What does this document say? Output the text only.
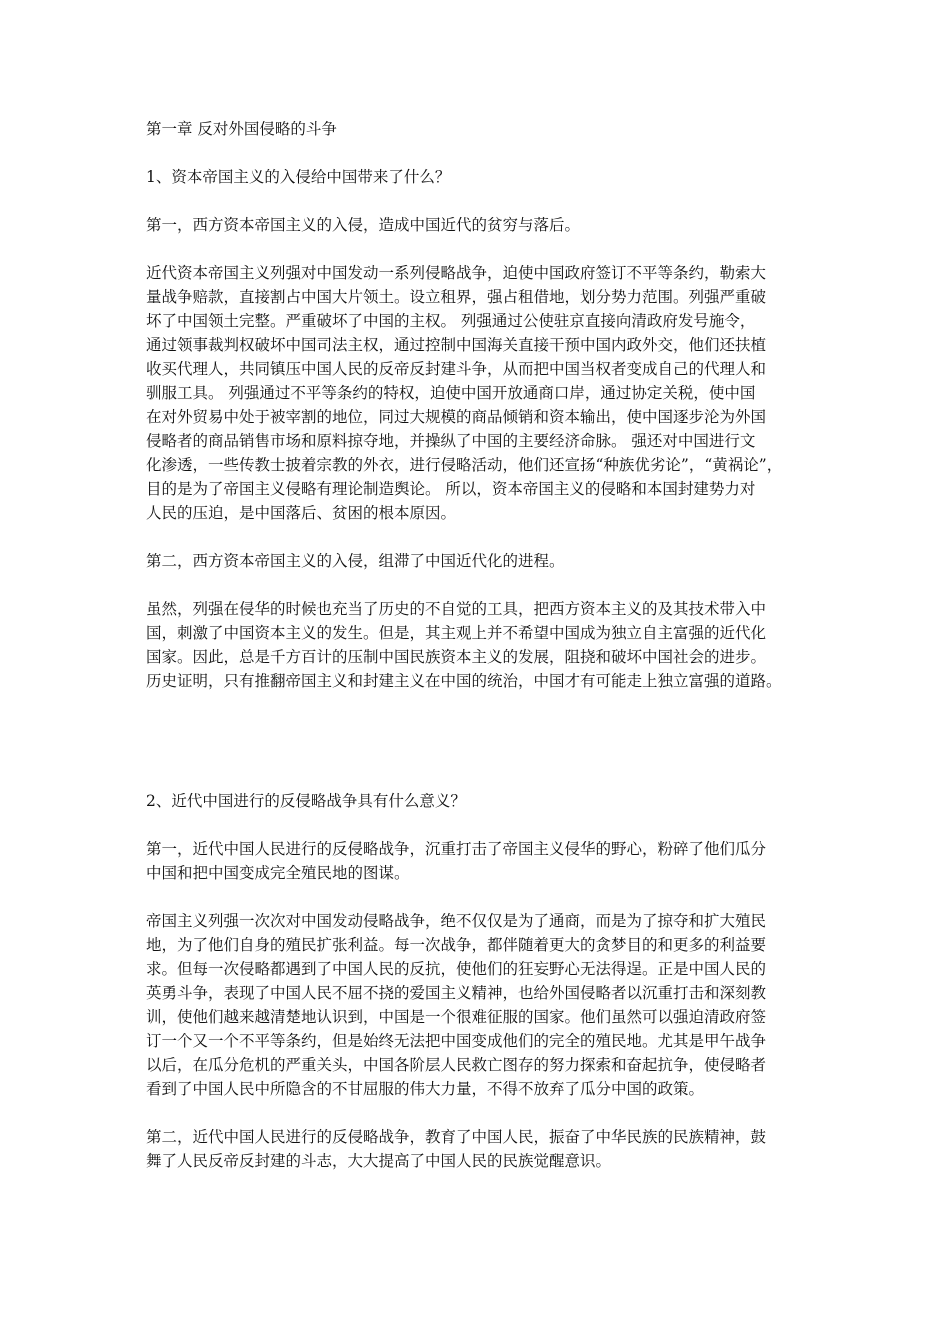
第一章 反对外国侵略的斗争

1、资本帝国主义的入侵给中国带来了什么？

第一，西方资本帝国主义的入侵，造成中国近代的贫穷与落后。

近代资本帝国主义列强对中国发动一系列侵略战争，迫使中国政府签订不平等条约，勒索大

量战争赔款，直接割占中国大片领土。设立租界，强占租借地，划分势力范围。列强严重破

坏了中国领土完整。严重破坏了中国的主权。 列强通过公使驻京直接向清政府发号施令，

通过领事裁判权破坏中国司法主权，通过控制中国海关直接干预中国内政外交，他们还扶植

收买代理人，共同镇压中国人民的反帝反封建斗争，从而把中国当权者变成自己的代理人和

驯服工具。 列强通过不平等条约的特权，迫使中国开放通商口岸，通过协定关税，使中国

在对外贸易中处于被宰割的地位，同过大规模的商品倾销和资本输出，使中国逐步沦为外国

侵略者的商品销售市场和原料掠夺地，并操纵了中国的主要经济命脉。 强还对中国进行文

化渗透，一些传教士披着宗教的外衣，进行侵略活动，他们还宣扬“种族优劣论”，“黄祸论”，

目的是为了帝国主义侵略有理论制造舆论。 所以，资本帝国主义的侵略和本国封建势力对

人民的压迫，是中国落后、贫困的根本原因。

第二，西方资本帝国主义的入侵，组滞了中国近代化的进程。

虽然，列强在侵华的时候也充当了历史的不自觉的工具，把西方资本主义的及其技术带入中

国，刺激了中国资本主义的发生。但是，其主观上并不希望中国成为独立自主富强的近代化

国家。因此，总是千方百计的压制中国民族资本主义的发展，阻挠和破坏中国社会的进步。

历史证明，只有推翻帝国主义和封建主义在中国的统治，中国才有可能走上独立富强的道路。

2、近代中国进行的反侵略战争具有什么意义？

第一，近代中国人民进行的反侵略战争，沉重打击了帝国主义侵华的野心，粉碎了他们瓜分

中国和把中国变成完全殖民地的图谋。

帝国主义列强一次次对中国发动侵略战争，绝不仅仅是为了通商，而是为了掠夺和扩大殖民

地，为了他们自身的殖民扩张利益。每一次战争，都伴随着更大的贪梦目的和更多的利益要

求。但每一次侵略都遇到了中国人民的反抗，使他们的狂妄野心无法得逞。正是中国人民的

英勇斗争，表现了中国人民不屈不挠的爱国主义精神，也给外国侵略者以沉重打击和深刻教

训，使他们越来越清楚地认识到，中国是一个很难征服的国家。他们虽然可以强迫清政府签

订一个又一个不平等条约，但是始终无法把中国变成他们的完全的殖民地。尤其是甲午战争

以后，在瓜分危机的严重关头，中国各阶层人民救亡图存的努力探索和奋起抗争，使侵略者

看到了中国人民中所隐含的不甘屈服的伟大力量，不得不放弃了瓜分中国的政策。

第二，近代中国人民进行的反侵略战争，教育了中国人民，振奋了中华民族的民族精神，鼓

舞了人民反帝反封建的斗志，大大提高了中国人民的民族觉醒意识。
